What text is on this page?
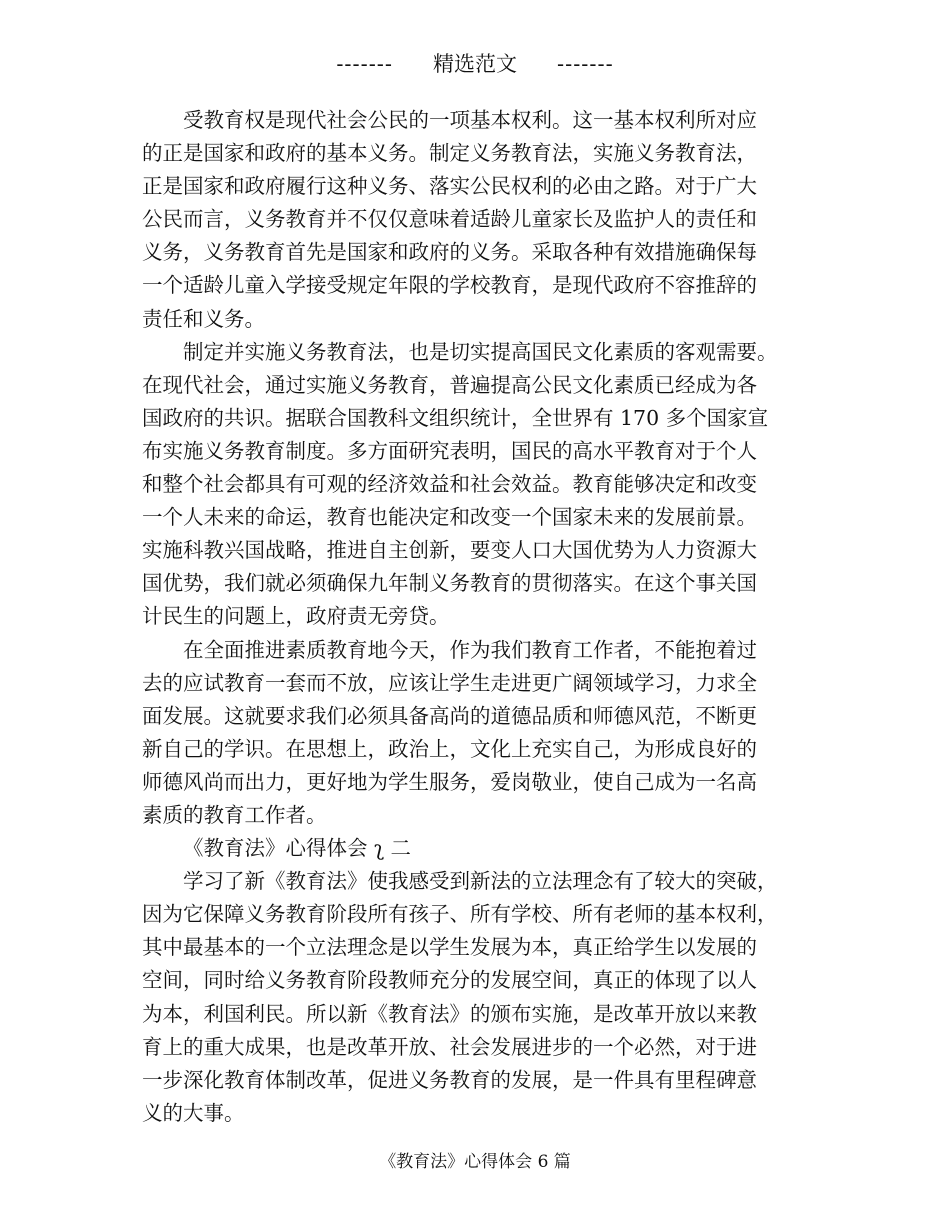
------- 精选范文 -------
受教育权是现代社会公民的一项基本权利。这一基本权利所对应
的正是国家和政府的基本义务。制定义务教育法，实施义务教育法，
正是国家和政府履行这种义务、落实公民权利的必由之路。对于广大
公民而言，义务教育并不仅仅意味着适龄儿童家长及监护人的责任和
义务，义务教育首先是国家和政府的义务。采取各种有效措施确保每
一个适龄儿童入学接受规定年限的学校教育，是现代政府不容推辞的
责任和义务。
制定并实施义务教育法，也是切实提高国民文化素质的客观需要。
在现代社会，通过实施义务教育，普遍提高公民文化素质已经成为各
国政府的共识。据联合国教科文组织统计，全世界有 170 多个国家宣
布实施义务教育制度。多方面研究表明，国民的高水平教育对于个人
和整个社会都具有可观的经济效益和社会效益。教育能够决定和改变
一个人未来的命运，教育也能决定和改变一个国家未来的发展前景。
实施科教兴国战略，推进自主创新，要变人口大国优势为人力资源大
国优势，我们就必须确保九年制义务教育的贯彻落实。在这个事关国
计民生的问题上，政府责无旁贷。
在全面推进素质教育地今天，作为我们教育工作者，不能抱着过
去的应试教育一套而不放，应该让学生走进更广阔领域学习，力求全
面发展。这就要求我们必须具备高尚的道德品质和师德风范，不断更
新自己的学识。在思想上，政治上，文化上充实自己，为形成良好的
师德风尚而出力，更好地为学生服务，爱岗敬业，使自己成为一名高
素质的教育工作者。
《教育法》心得体会 ʅ 二
学习了新《教育法》使我感受到新法的立法理念有了较大的突破，
因为它保障义务教育阶段所有孩子、所有学校、所有老师的基本权利，
其中最基本的一个立法理念是以学生发展为本，真正给学生以发展的
空间，同时给义务教育阶段教师充分的发展空间，真正的体现了以人
为本，利国利民。所以新《教育法》的颁布实施，是改革开放以来教
育上的重大成果，也是改革开放、社会发展进步的一个必然，对于进
一步深化教育体制改革，促进义务教育的发展，是一件具有里程碑意
义的大事。
《教育法》心得体会 6 篇
